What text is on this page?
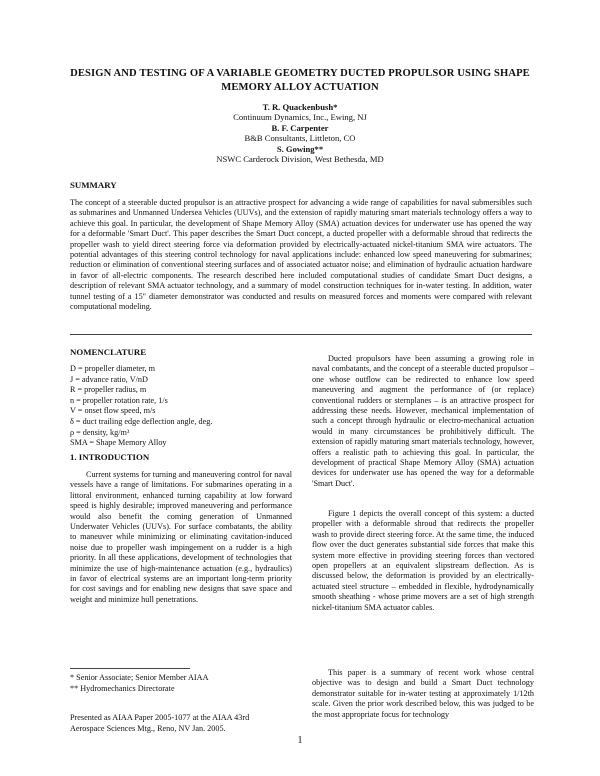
DESIGN AND TESTING OF A VARIABLE GEOMETRY DUCTED PROPULSOR USING SHAPE MEMORY ALLOY ACTUATION
T. R. Quackenbush*
Continuum Dynamics, Inc., Ewing, NJ
B. F. Carpenter
B&B Consultants, Littleton, CO
S. Gowing**
NSWC Carderock Division, West Bethesda, MD
SUMMARY

The concept of a steerable ducted propulsor is an attractive prospect for advancing a wide range of capabilities for naval submersibles such as submarines and Unmanned Undersea Vehicles (UUVs), and the extension of rapidly maturing smart materials technology offers a way to achieve this goal. In particular, the development of Shape Memory Alloy (SMA) actuation devices for underwater use has opened the way for a deformable 'Smart Duct'. This paper describes the Smart Duct concept, a ducted propeller with a deformable shroud that redirects the propeller wash to yield direct steering force via deformation provided by electrically-actuated nickel-titanium SMA wire actuators. The potential advantages of this steering control technology for naval applications include: enhanced low speed maneuvering for submarines; reduction or elimination of conventional steering surfaces and of associated actuator noise; and elimination of hydraulic actuation hardware in favor of all-electric components. The research described here included computational studies of candidate Smart Duct designs, a description of relevant SMA actuator technology, and a summary of model construction techniques for in-water testing. In addition, water tunnel testing of a 15" diameter demonstrator was conducted and results on measured forces and moments were compared with relevant computational modeling.

NOMENCLATURE
D = propeller diameter, m
J = advance ratio, V/nD
R = propeller radius, m
n = propeller rotation rate, 1/s
V = onset flow speed, m/s
δ = duct trailing edge deflection angle, deg.
ρ = density, kg/m³
SMA = Shape Memory Alloy
1. INTRODUCTION

Current systems for turning and maneuvering control for naval vessels have a range of limitations. For submarines operating in a littoral environment, enhanced turning capability at low forward speed is highly desirable; improved maneuvering and performance would also benefit the coming generation of Unmanned Underwater Vehicles (UUVs). For surface combatants, the ability to maneuver while minimizing or eliminating cavitation-induced noise due to propeller wash impingement on a rudder is a high priority. In all these applications, development of technologies that minimize the use of high-maintenance actuation (e.g., hydraulics) in favor of electrical systems are an important long-term priority for cost savings and for enabling new designs that save space and weight and minimize hull penetrations.

* Senior Associate; Senior Member AIAA
** Hydromechanics Directorate
Presented as AIAA Paper 2005-1077 at the AIAA 43rd
Aerospace Sciences Mtg., Reno, NV Jan. 2005.

Ducted propulsors have been assuming a growing role in naval combatants, and the concept of a steerable ducted propulsor – one whose outflow can be redirected to enhance low speed maneuvering and augment the performance of (or replace) conventional rudders or sternplanes – is an attractive prospect for addressing these needs. However, mechanical implementation of such a concept through hydraulic or electro-mechanical actuation would in many circumstances be prohibitively difficult. The extension of rapidly maturing smart materials technology, however, offers a realistic path to achieving this goal. In particular, the development of practical Shape Memory Alloy (SMA) actuation devices for underwater use has opened the way for a deformable 'Smart Duct'.

Figure 1 depicts the overall concept of this system: a ducted propeller with a deformable shroud that redirects the propeller wash to provide direct steering force. At the same time, the induced flow over the duct generates substantial side forces that make this system more effective in providing steering forces than vectored open propellers at an equivalent slipstream deflection. As is discussed below, the deformation is provided by an electrically-actuated steel structure – embedded in flexible, hydrodynamically smooth sheathing - whose prime movers are a set of high strength nickel-titanium SMA actuator cables.

This paper is a summary of recent work whose central objective was to design and build a Smart Duct technology demonstrator suitable for in-water testing at approximately 1/12th scale. Given the prior work described below, this was judged to be the most appropriate focus for technology

1
